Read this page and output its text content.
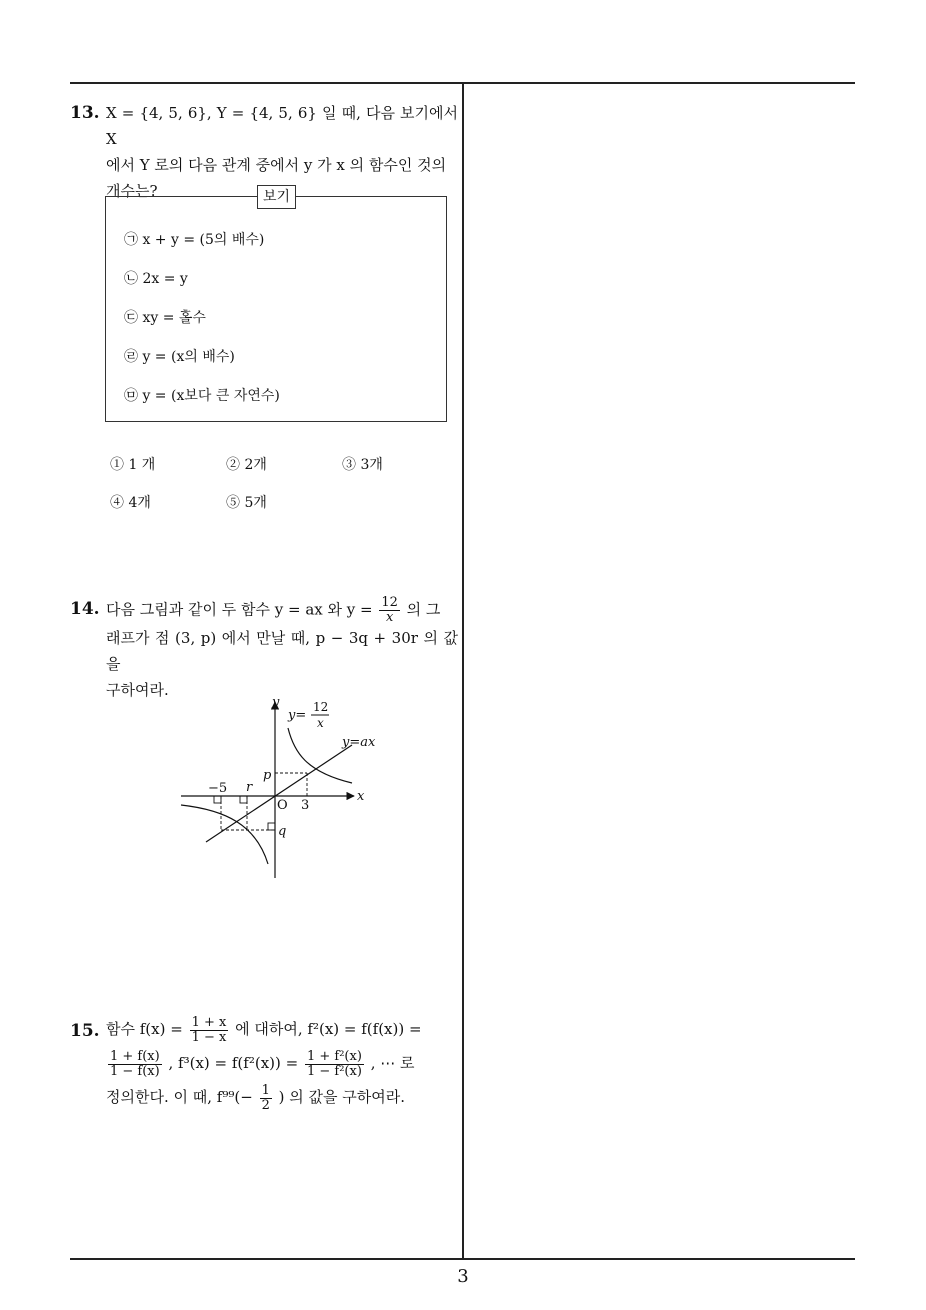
13. X = {4, 5, 6}, Y = {4, 5, 6} 일 때, 다음 보기에서 X
에서 Y 로의 다음 관계 중에서 y 가 x 의 함수인 것의
개수는?	보기
㉠ x + y = (5의 배수)
㉡ 2x = y
㉢ xy = 홀수
㉣ y = (x의 배수)
㉤ y = (x보다 큰 자연수)
① 1 개	② 2개	③ 3개
④ 4개	⑤ 5개
14. 다음 그림과 같이 두 함수 y = ax 와 $y = \frac{12}{x}$ 의 그
래프가 점 (3, p) 에서 만날 때, p − 3q + 30r 의 값을
구하여라.
y
x
O
y=
12
x
y=ax
p
3
−5 r
q
15. 함수 $f(x) = \frac{1 + x}{1 - x}$ 에 대하여, f²(x) = f(f(x)) =
$\frac{1 + f(x)}{1 - f(x)}$ , $f^3(x) = f(f^2(x)) = \frac{\text{1 + f²(x)}}{\text{1 − f²(x)}}$ , ⋯ 로
정의한다. 이 때, $f^{99}(- \frac{1}{2}$ ) 의 값을 구하여라.
3
